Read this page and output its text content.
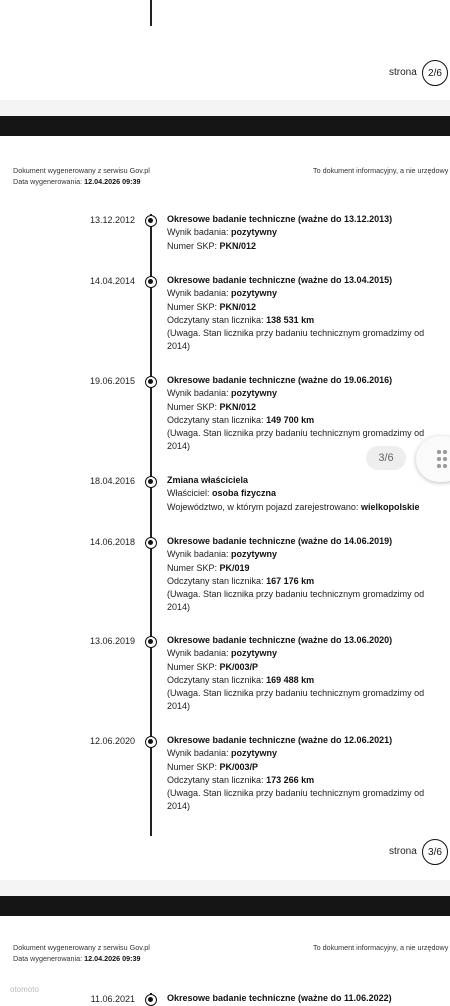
strona	2/6
Dokument wygenerowany z serwisu Gov.pl
Data wygenerowania: 12.04.2026 09:39
To dokument informacyjny, a nie urzędowy
13.12.2012	Okresowe badanie techniczne (ważne do 13.12.2013)
Wynik badania: pozytywny
Numer SKP: PKN/012
14.04.2014	Okresowe badanie techniczne (ważne do 13.04.2015)
Wynik badania: pozytywny
Numer SKP: PKN/012
Odczytany stan licznika: 138 531 km
(Uwaga. Stan licznika przy badaniu technicznym gromadzimy od 2014)
19.06.2015	Okresowe badanie techniczne (ważne do 19.06.2016)
Wynik badania: pozytywny
Numer SKP: PKN/012
Odczytany stan licznika: 149 700 km
(Uwaga. Stan licznika przy badaniu technicznym gromadzimy od 2014)
18.04.2016	Zmiana właściciela
Właściciel: osoba fizyczna
Województwo, w którym pojazd zarejestrowano: wielkopolskie
14.06.2018	Okresowe badanie techniczne (ważne do 14.06.2019)
Wynik badania: pozytywny
Numer SKP: PK/019
Odczytany stan licznika: 167 176 km
(Uwaga. Stan licznika przy badaniu technicznym gromadzimy od 2014)
13.06.2019	Okresowe badanie techniczne (ważne do 13.06.2020)
Wynik badania: pozytywny
Numer SKP: PK/003/P
Odczytany stan licznika: 169 488 km
(Uwaga. Stan licznika przy badaniu technicznym gromadzimy od 2014)
12.06.2020	Okresowe badanie techniczne (ważne do 12.06.2021)
Wynik badania: pozytywny
Numer SKP: PK/003/P
Odczytany stan licznika: 173 266 km
(Uwaga. Stan licznika przy badaniu technicznym gromadzimy od 2014)
strona	3/6
Dokument wygenerowany z serwisu Gov.pl
Data wygenerowania: 12.04.2026 09:39
To dokument informacyjny, a nie urzędowy
11.06.2021	Okresowe badanie techniczne (ważne do 11.06.2022)
otomoto
3/6
